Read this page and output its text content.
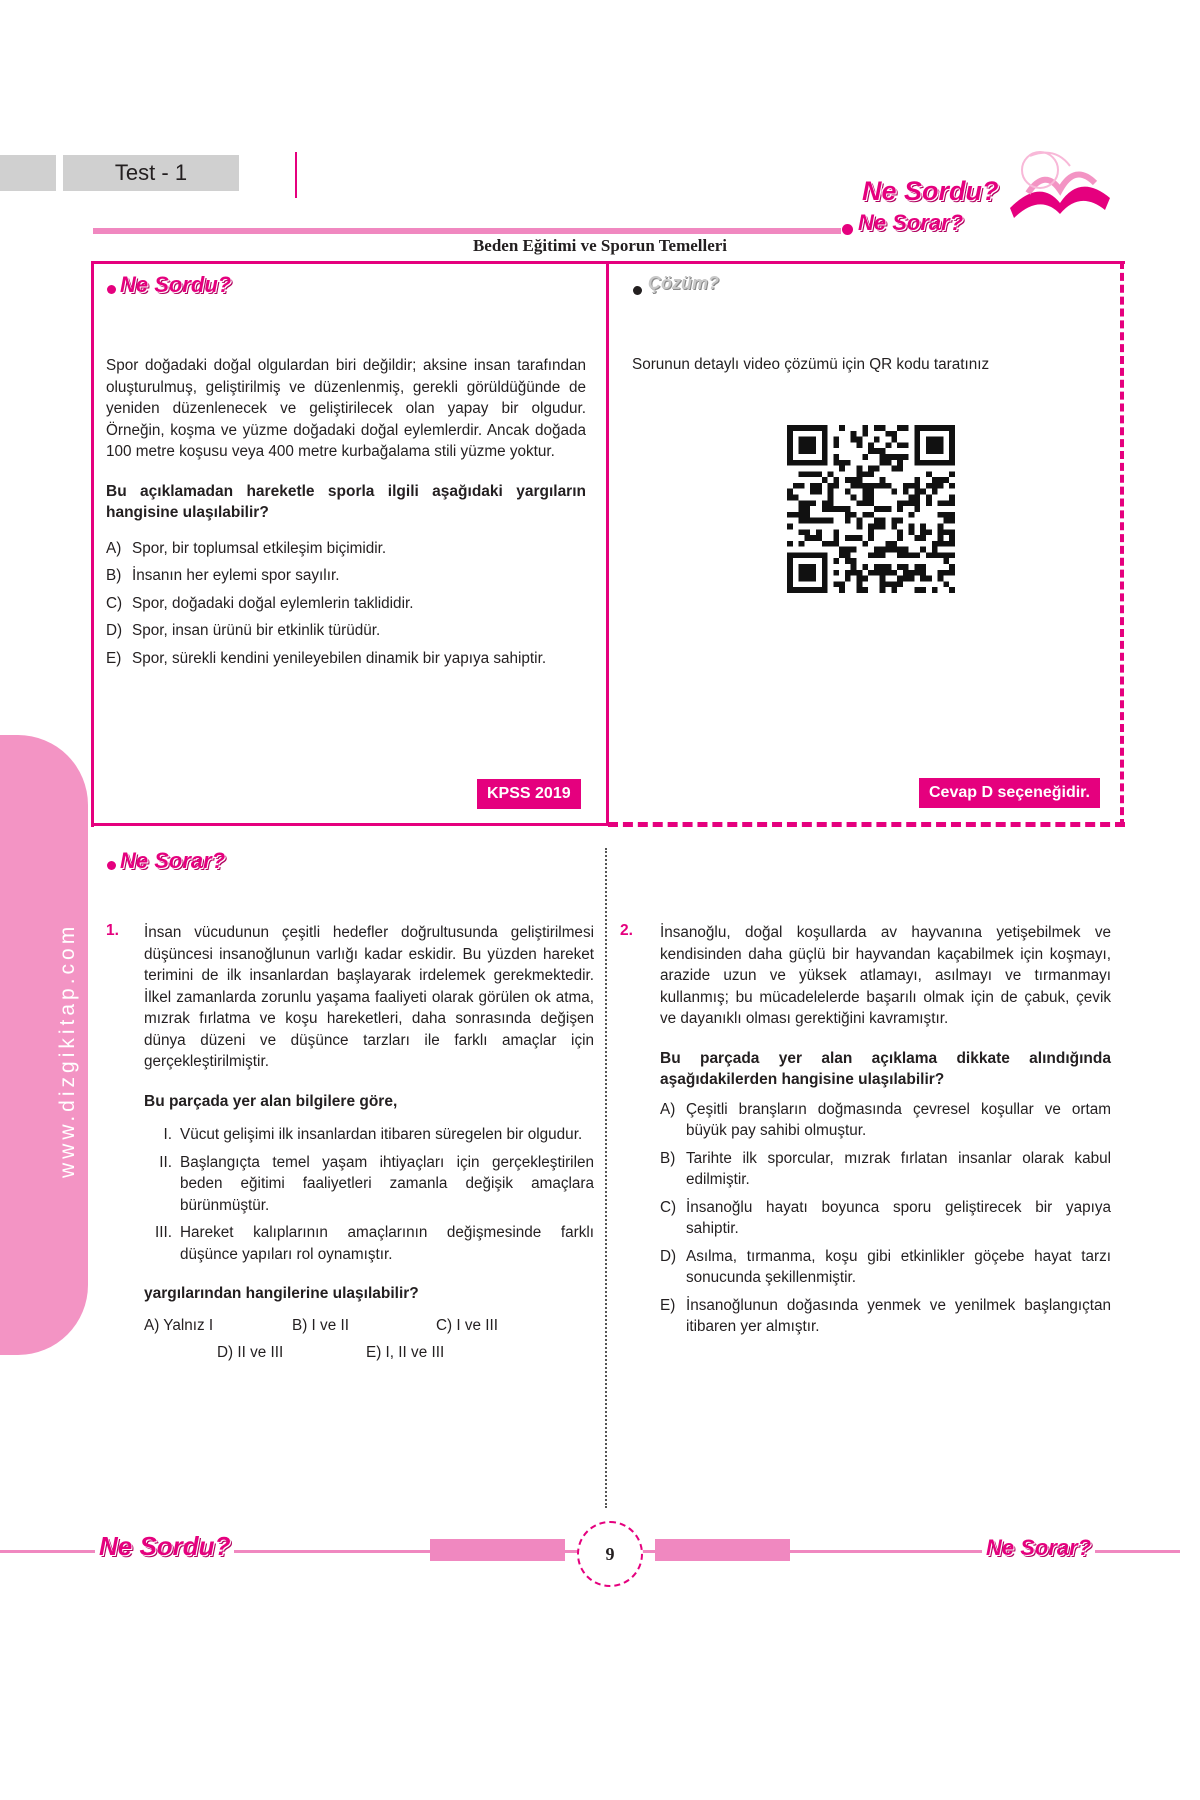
Test - 1
Ne Sordu?
Ne Sorar?
Beden Eğitimi ve Sporun Temelleri
Ne Sordu?
Spor doğadaki doğal olgulardan biri değildir; aksine insan tarafından oluşturulmuş, geliştirilmiş ve düzenlenmiş, gerekli görüldüğünde de yeniden düzenlenecek ve geliştirilecek olan yapay bir olgudur. Örneğin, koşma ve yüzme doğadaki doğal eylemlerdir. Ancak doğada 100 metre koşusu veya 400 metre kurbağalama stili yüzme yoktur.
Bu açıklamadan hareketle sporla ilgili aşağıdaki yargıların hangisine ulaşılabilir?
A) Spor, bir toplumsal etkileşim biçimidir.
B) İnsanın her eylemi spor sayılır.
C) Spor, doğadaki doğal eylemlerin taklididir.
D) Spor, insan ürünü bir etkinlik türüdür.
E) Spor, sürekli kendini yenileyebilen dinamik bir yapıya sahiptir.
KPSS 2019
Çözüm?
Sorunun detaylı video çözümü için QR kodu taratınız
Cevap D seçeneğidir.
Ne Sorar?
www.dizgikitap.com 1. İnsan vücudunun çeşitli hedefler doğrultusunda geliştirilmesi düşüncesi insanoğlunun varlığı kadar eskidir. Bu yüzden hareket terimini de ilk insanlardan başlayarak irdelemek gerekmektedir. İlkel zamanlarda zorunlu yaşama faaliyeti olarak görülen ok atma, mızrak fırlatma ve koşu hareketleri, daha sonrasında değişen dünya düzeni ve düşünce tarzları ile farklı amaçlar için gerçekleştirilmiştir.
Bu parçada yer alan bilgilere göre,
I. Vücut gelişimi ilk insanlardan itibaren süregelen bir olgudur.
II. Başlangıçta temel yaşam ihtiyaçları için gerçekleştirilen beden eğitimi faaliyetleri zamanla değişik amaçlara bürünmüştür.
III. Hareket kalıplarının amaçlarının değişmesinde farklı düşünce yapıları rol oynamıştır.
yargılarından hangilerine ulaşılabilir?
A) Yalnız I	B) I ve II	C) I ve III
D) II ve III	E) I, II ve III
2. İnsanoğlu, doğal koşullarda av hayvanına yetişebilmek ve kendisinden daha güçlü bir hayvandan kaçabilmek için koşmayı, arazide uzun ve yüksek atlamayı, asılmayı ve tırmanmayı kullanmış; bu mücadelelerde başarılı olmak için de çabuk, çevik ve dayanıklı olması gerektiğini kavramıştır.
Bu parçada yer alan açıklama dikkate alındığında aşağıdakilerden hangisine ulaşılabilir?
A) Çeşitli branşların doğmasında çevresel koşullar ve ortam büyük pay sahibi olmuştur.
B) Tarihte ilk sporcular, mızrak fırlatan insanlar olarak kabul edilmiştir.
C) İnsanoğlu hayatı boyunca sporu geliştirecek bir yapıya sahiptir.
D) Asılma, tırmanma, koşu gibi etkinlikler göçebe hayat tarzı sonucunda şekillenmiştir.
E) İnsanoğlunun doğasında yenmek ve yenilmek başlangıçtan itibaren yer almıştır.
Ne Sordu?	Ne Sorar?
9
